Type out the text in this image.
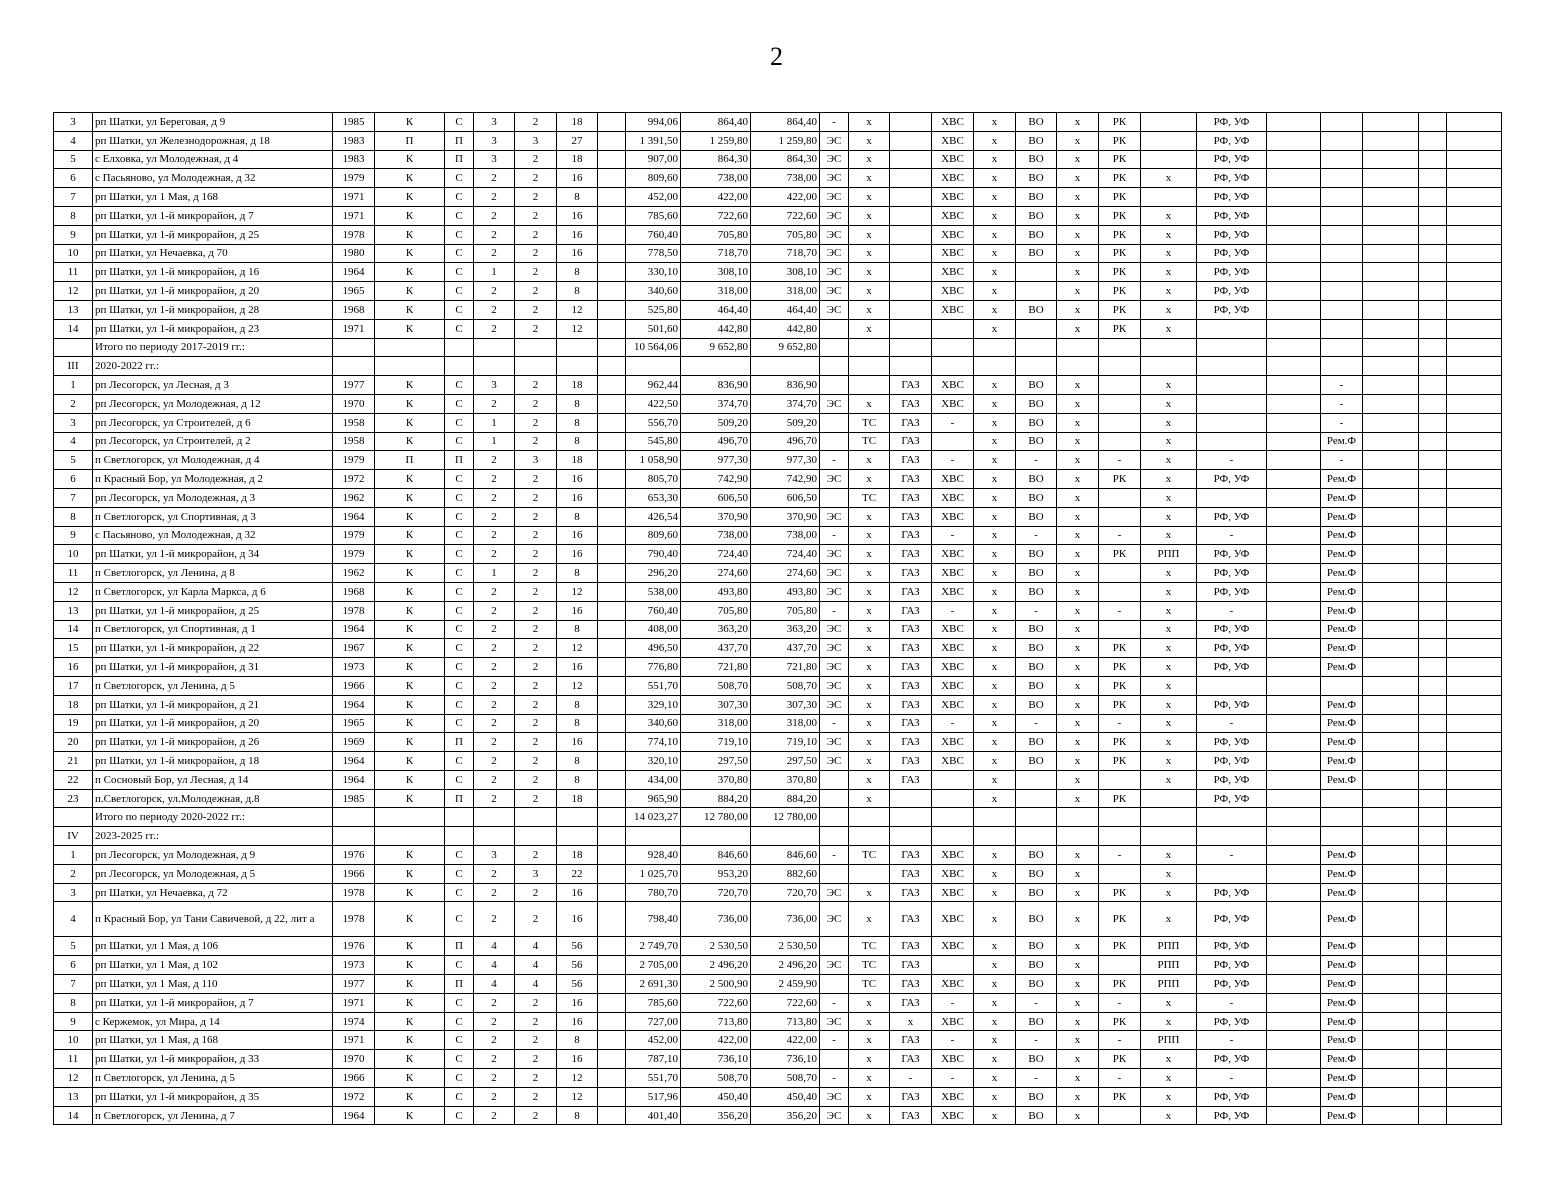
2
3	рп Шатки, ул Береговая, д 9	1985	К	С	3	2	18		994,06	864,40	864,40	-	х		ХВС	х	ВО	х	РК		РФ, УФ					
4	рп Шатки, ул Железнодорожная, д 18	1983	П	П	3	3	27		1 391,50	1 259,80	1 259,80	ЭС	х		ХВС	х	ВО	х	РК		РФ, УФ					
5	с Елховка, ул Молодежная, д 4	1983	К	П	3	2	18		907,00	864,30	864,30	ЭС	х		ХВС	х	ВО	х	РК		РФ, УФ					
6	с Пасьяново, ул Молодежная, д 32	1979	К	С	2	2	16		809,60	738,00	738,00	ЭС	х		ХВС	х	ВО	х	РК	х	РФ, УФ					
7	рп Шатки, ул 1 Мая, д 168	1971	К	С	2	2	8		452,00	422,00	422,00	ЭС	х		ХВС	х	ВО	х	РК		РФ, УФ					
8	рп Шатки, ул 1-й микрорайон, д 7	1971	К	С	2	2	16		785,60	722,60	722,60	ЭС	х		ХВС	х	ВО	х	РК	х	РФ, УФ					
9	рп Шатки, ул 1-й микрорайон, д 25	1978	К	С	2	2	16		760,40	705,80	705,80	ЭС	х		ХВС	х	ВО	х	РК	х	РФ, УФ					
10	рп Шатки, ул Нечаевка, д 70	1980	К	С	2	2	16		778,50	718,70	718,70	ЭС	х		ХВС	х	ВО	х	РК	х	РФ, УФ					
11	рп Шатки, ул 1-й микрорайон, д 16	1964	К	С	1	2	8		330,10	308,10	308,10	ЭС	х		ХВС	х		х	РК	х	РФ, УФ					
12	рп Шатки, ул 1-й микрорайон, д 20	1965	К	С	2	2	8		340,60	318,00	318,00	ЭС	х		ХВС	х		х	РК	х	РФ, УФ					
13	рп Шатки, ул 1-й микрорайон, д 28	1968	К	С	2	2	12		525,80	464,40	464,40	ЭС	х		ХВС	х	ВО	х	РК	х	РФ, УФ					
14	рп Шатки, ул 1-й микрорайон, д 23	1971	К	С	2	2	12		501,60	442,80	442,80		х			х		х	РК	х						
	Итого по периоду 2017-2019 гг.:								10 564,06	9 652,80	9 652,80															
III	2020-2022 гг.:																									
1	рп Лесогорск, ул Лесная, д 3	1977	К	С	3	2	18		962,44	836,90	836,90			ГАЗ	ХВС	х	ВО	х		х			-			
2	рп Лесогорск, ул Молодежная, д 12	1970	К	С	2	2	8		422,50	374,70	374,70	ЭС	х	ГАЗ	ХВС	х	ВО	х		х			-			
3	рп Лесогорск, ул Строителей, д 6	1958	К	С	1	2	8		556,70	509,20	509,20		ТС	ГАЗ	-	х	ВО	х		х			-			
4	рп Лесогорск, ул Строителей, д 2	1958	К	С	1	2	8		545,80	496,70	496,70		ТС	ГАЗ		х	ВО	х		х			Рем.Ф			
5	п Светлогорск, ул Молодежная, д 4	1979	П	П	2	3	18		1 058,90	977,30	977,30	-	х	ГАЗ	-	х	-	х	-	х	-		-			
6	п Красный Бор, ул Молодежная, д 2	1972	К	С	2	2	16		805,70	742,90	742,90	ЭС	х	ГАЗ	ХВС	х	ВО	х	РК	х	РФ, УФ		Рем.Ф			
7	рп Лесогорск, ул Молодежная, д 3	1962	К	С	2	2	16		653,30	606,50	606,50		ТС	ГАЗ	ХВС	х	ВО	х		х			Рем.Ф			
8	п Светлогорск, ул Спортивная, д 3	1964	К	С	2	2	8		426,54	370,90	370,90	ЭС	х	ГАЗ	ХВС	х	ВО	х		х	РФ, УФ		Рем.Ф			
9	с Пасьяново, ул Молодежная, д 32	1979	К	С	2	2	16		809,60	738,00	738,00	-	х	ГАЗ	-	х	-	х	-	х	-		Рем.Ф			
10	рп Шатки, ул 1-й микрорайон, д 34	1979	К	С	2	2	16		790,40	724,40	724,40	ЭС	х	ГАЗ	ХВС	х	ВО	х	РК	РПП	РФ, УФ		Рем.Ф			
11	п Светлогорск, ул Ленина, д 8	1962	К	С	1	2	8		296,20	274,60	274,60	ЭС	х	ГАЗ	ХВС	х	ВО	х		х	РФ, УФ		Рем.Ф			
12	п Светлогорск, ул Карла Маркса, д 6	1968	К	С	2	2	12		538,00	493,80	493,80	ЭС	х	ГАЗ	ХВС	х	ВО	х		х	РФ, УФ		Рем.Ф			
13	рп Шатки, ул 1-й микрорайон, д 25	1978	К	С	2	2	16		760,40	705,80	705,80	-	х	ГАЗ	-	х	-	х	-	х	-		Рем.Ф			
14	п Светлогорск, ул Спортивная, д 1	1964	К	С	2	2	8		408,00	363,20	363,20	ЭС	х	ГАЗ	ХВС	х	ВО	х		х	РФ, УФ		Рем.Ф			
15	рп Шатки, ул 1-й микрорайон, д 22	1967	К	С	2	2	12		496,50	437,70	437,70	ЭС	х	ГАЗ	ХВС	х	ВО	х	РК	х	РФ, УФ		Рем.Ф			
16	рп Шатки, ул 1-й микрорайон, д 31	1973	К	С	2	2	16		776,80	721,80	721,80	ЭС	х	ГАЗ	ХВС	х	ВО	х	РК	х	РФ, УФ		Рем.Ф			
17	п Светлогорск, ул Ленина, д 5	1966	К	С	2	2	12		551,70	508,70	508,70	ЭС	х	ГАЗ	ХВС	х	ВО	х	РК	х						
18	рп Шатки, ул 1-й микрорайон, д 21	1964	К	С	2	2	8		329,10	307,30	307,30	ЭС	х	ГАЗ	ХВС	х	ВО	х	РК	х	РФ, УФ		Рем.Ф			
19	рп Шатки, ул 1-й микрорайон, д 20	1965	К	С	2	2	8		340,60	318,00	318,00	-	х	ГАЗ	-	х	-	х	-	х	-		Рем.Ф			
20	рп Шатки, ул 1-й микрорайон, д 26	1969	К	П	2	2	16		774,10	719,10	719,10	ЭС	х	ГАЗ	ХВС	х	ВО	х	РК	х	РФ, УФ		Рем.Ф			
21	рп Шатки, ул 1-й микрорайон, д 18	1964	К	С	2	2	8		320,10	297,50	297,50	ЭС	х	ГАЗ	ХВС	х	ВО	х	РК	х	РФ, УФ		Рем.Ф			
22	п Сосновый Бор, ул Лесная, д 14	1964	К	С	2	2	8		434,00	370,80	370,80		х	ГАЗ		х		х		х	РФ, УФ		Рем.Ф			
23	п.Светлогорск, ул.Молодежная, д.8	1985	К	П	2	2	18		965,90	884,20	884,20		х			х		х	РК		РФ, УФ					
	Итого по периоду 2020-2022 гг.:								14 023,27	12 780,00	12 780,00															
IV	2023-2025 гг.:																									
1	рп Лесогорск, ул Молодежная, д 9	1976	К	С	3	2	18		928,40	846,60	846,60	-	ТС	ГАЗ	ХВС	х	ВО	х	-	х	-		Рем.Ф			
2	рп Лесогорск, ул Молодежная, д 5	1966	К	С	2	3	22		1 025,70	953,20	882,60			ГАЗ	ХВС	х	ВО	х		х			Рем.Ф			
3	рп Шатки, ул Нечаевка, д 72	1978	К	С	2	2	16		780,70	720,70	720,70	ЭС	х	ГАЗ	ХВС	х	ВО	х	РК	х	РФ, УФ		Рем.Ф			
4	п Красный Бор, ул Тани Савичевой, д 22, лит а	1978	К	С	2	2	16		798,40	736,00	736,00	ЭС	х	ГАЗ	ХВС	х	ВО	х	РК	х	РФ, УФ		Рем.Ф			
5	рп Шатки, ул 1 Мая, д 106	1976	К	П	4	4	56		2 749,70	2 530,50	2 530,50		ТС	ГАЗ	ХВС	х	ВО	х	РК	РПП	РФ, УФ		Рем.Ф			
6	рп Шатки, ул 1 Мая, д 102	1973	К	С	4	4	56		2 705,00	2 496,20	2 496,20	ЭС	ТС	ГАЗ		х	ВО	х		РПП	РФ, УФ		Рем.Ф			
7	рп Шатки, ул 1 Мая, д 110	1977	К	П	4	4	56		2 691,30	2 500,90	2 459,90		ТС	ГАЗ	ХВС	х	ВО	х	РК	РПП	РФ, УФ		Рем.Ф			
8	рп Шатки, ул 1-й микрорайон, д 7	1971	К	С	2	2	16		785,60	722,60	722,60	-	х	ГАЗ	-	х	-	х	-	х	-		Рем.Ф			
9	с Кержемок, ул Мира, д 14	1974	К	С	2	2	16		727,00	713,80	713,80	ЭС	х	х	ХВС	х	ВО	х	РК	х	РФ, УФ		Рем.Ф			
10	рп Шатки, ул 1 Мая, д 168	1971	К	С	2	2	8		452,00	422,00	422,00	-	х	ГАЗ	-	х	-	х	-	РПП	-		Рем.Ф			
11	рп Шатки, ул 1-й микрорайон, д 33	1970	К	С	2	2	16		787,10	736,10	736,10		х	ГАЗ	ХВС	х	ВО	х	РК	х	РФ, УФ		Рем.Ф			
12	п Светлогорск, ул Ленина, д 5	1966	К	С	2	2	12		551,70	508,70	508,70	-	х	-	-	х	-	х	-	х	-		Рем.Ф			
13	рп Шатки, ул 1-й микрорайон, д 35	1972	К	С	2	2	12		517,96	450,40	450,40	ЭС	х	ГАЗ	ХВС	х	ВО	х	РК	х	РФ, УФ		Рем.Ф			
14	п Светлогорск, ул Ленина, д 7	1964	К	С	2	2	8		401,40	356,20	356,20	ЭС	х	ГАЗ	ХВС	х	ВО	х		х	РФ, УФ		Рем.Ф			
